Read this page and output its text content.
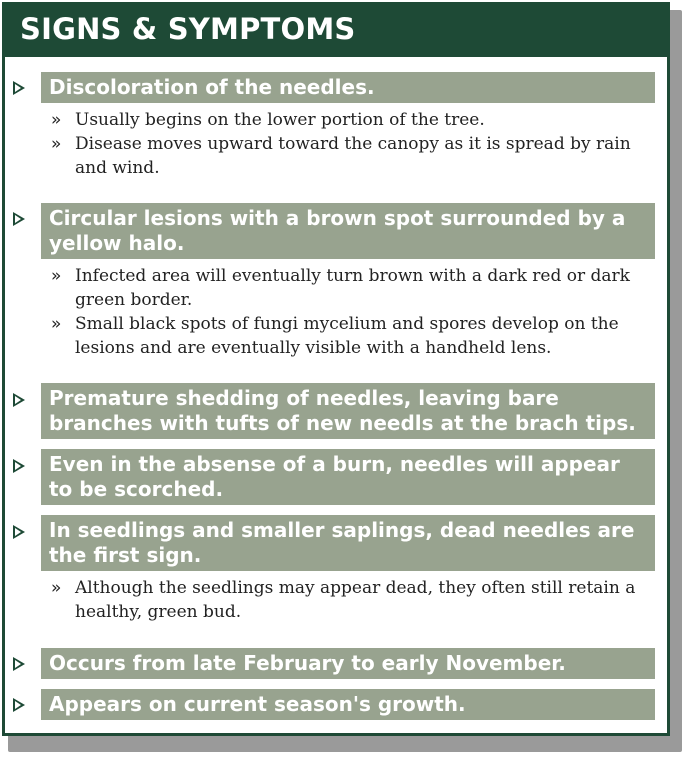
SIGNS & SYMPTOMS
Discoloration of the needles.
» Usually begins on the lower portion of the tree.
» Disease moves upward toward the canopy as it is spread by rain and wind.
Circular lesions with a brown spot surrounded by a yellow halo.
» Infected area will eventually turn brown with a dark red or dark green border.
» Small black spots of fungi mycelium and spores develop on the lesions and are eventually visible with a handheld lens.
Premature shedding of needles, leaving bare branches with tufts of new needls at the brach tips.
Even in the absense of a burn, needles will appear to be scorched.
In seedlings and smaller saplings, dead needles are the first sign.
» Although the seedlings may appear dead, they often still retain a healthy, green bud.
Occurs from late February to early November.
Appears on current season's growth.
